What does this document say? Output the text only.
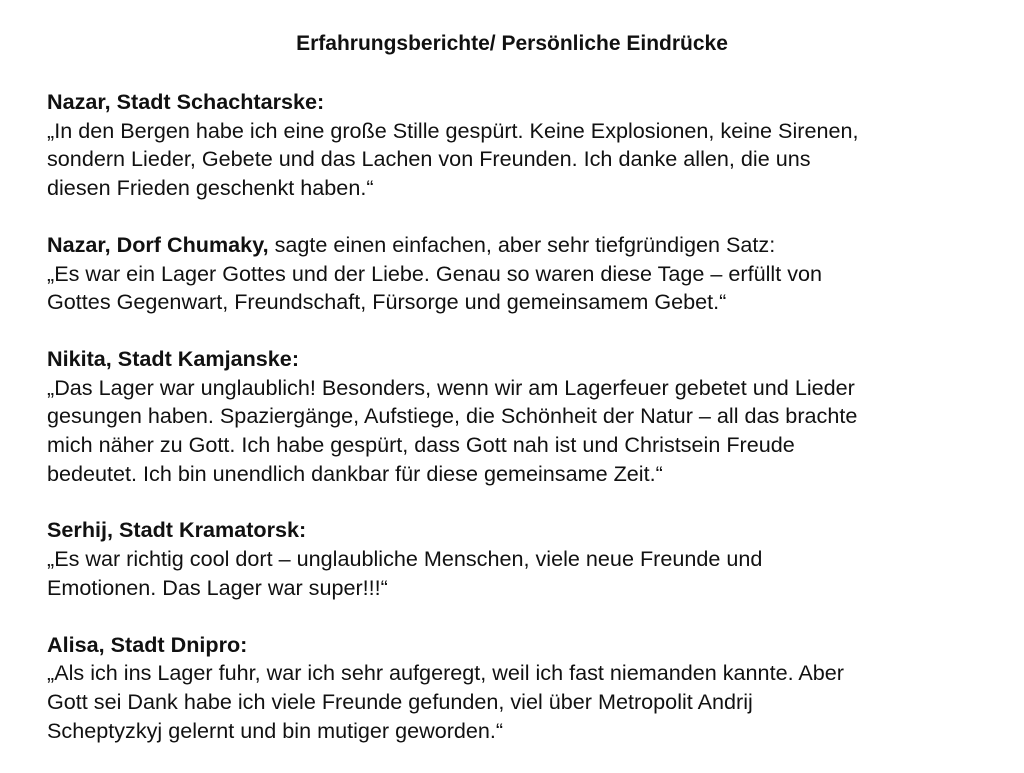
Erfahrungsberichte/ Persönliche Eindrücke
Nazar, Stadt Schachtarske:
„In den Bergen habe ich eine große Stille gespürt. Keine Explosionen, keine Sirenen,
sondern Lieder, Gebete und das Lachen von Freunden. Ich danke allen, die uns
diesen Frieden geschenkt haben.“
Nazar, Dorf Chumaky, sagte einen einfachen, aber sehr tiefgründigen Satz:
„Es war ein Lager Gottes und der Liebe. Genau so waren diese Tage – erfüllt von
Gottes Gegenwart, Freundschaft, Fürsorge und gemeinsamem Gebet.“
Nikita, Stadt Kamjanske:
„Das Lager war unglaublich! Besonders, wenn wir am Lagerfeuer gebetet und Lieder
gesungen haben. Spaziergänge, Aufstiege, die Schönheit der Natur – all das brachte
mich näher zu Gott. Ich habe gespürt, dass Gott nah ist und Christsein Freude
bedeutet. Ich bin unendlich dankbar für diese gemeinsame Zeit.“
Serhij, Stadt Kramatorsk:
„Es war richtig cool dort – unglaubliche Menschen, viele neue Freunde und
Emotionen. Das Lager war super!!!“
Alisa, Stadt Dnipro:
„Als ich ins Lager fuhr, war ich sehr aufgeregt, weil ich fast niemanden kannte. Aber
Gott sei Dank habe ich viele Freunde gefunden, viel über Metropolit Andrij
Scheptyzkyj gelernt und bin mutiger geworden.“
